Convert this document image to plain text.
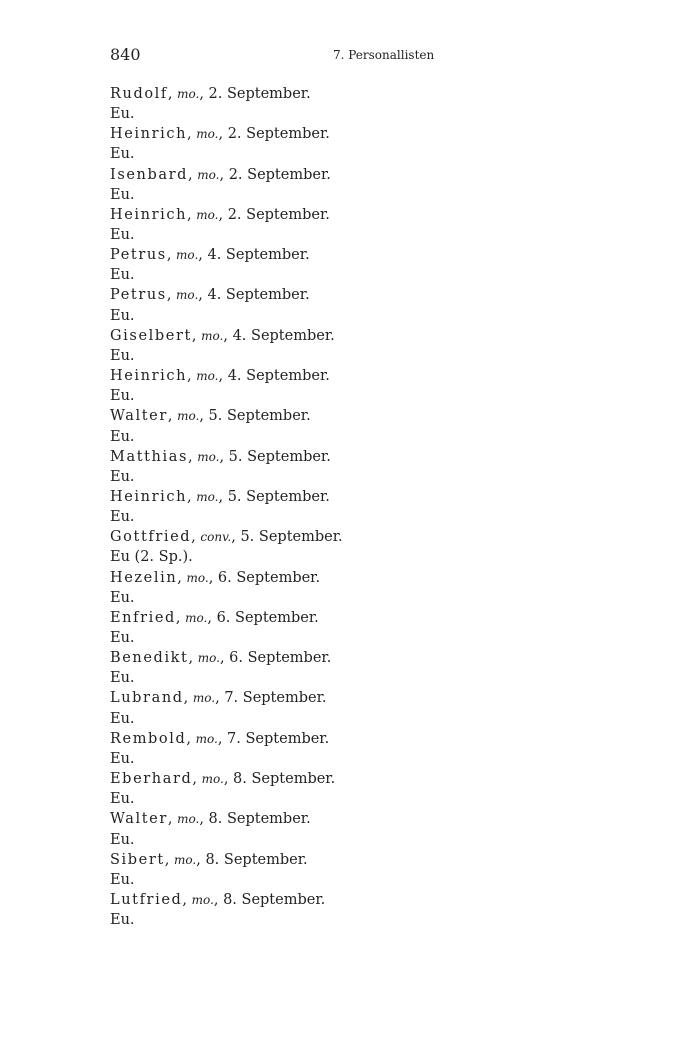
840	7. Personallisten
Rudolf, mo., 2. September.
Eu.
Heinrich, mo., 2. September.
Eu.
Isenbard, mo., 2. September.
Eu.
Heinrich, mo., 2. September.
Eu.
Petrus, mo., 4. September.
Eu.
Petrus, mo., 4. September.
Eu.
Giselbert, mo., 4. September.
Eu.
Heinrich, mo., 4. September.
Eu.
Walter, mo., 5. September.
Eu.
Matthias, mo., 5. September.
Eu.
Heinrich, mo., 5. September.
Eu.
Gottfried, conv., 5. September.
Eu (2. Sp.).
Hezelin, mo., 6. September.
Eu.
Enfried, mo., 6. September.
Eu.
Benedikt, mo., 6. September.
Eu.
Lubrand, mo., 7. September.
Eu.
Rembold, mo., 7. September.
Eu.
Eberhard, mo., 8. September.
Eu.
Walter, mo., 8. September.
Eu.
Sibert, mo., 8. September.
Eu.
Lutfried, mo., 8. September.
Eu.
